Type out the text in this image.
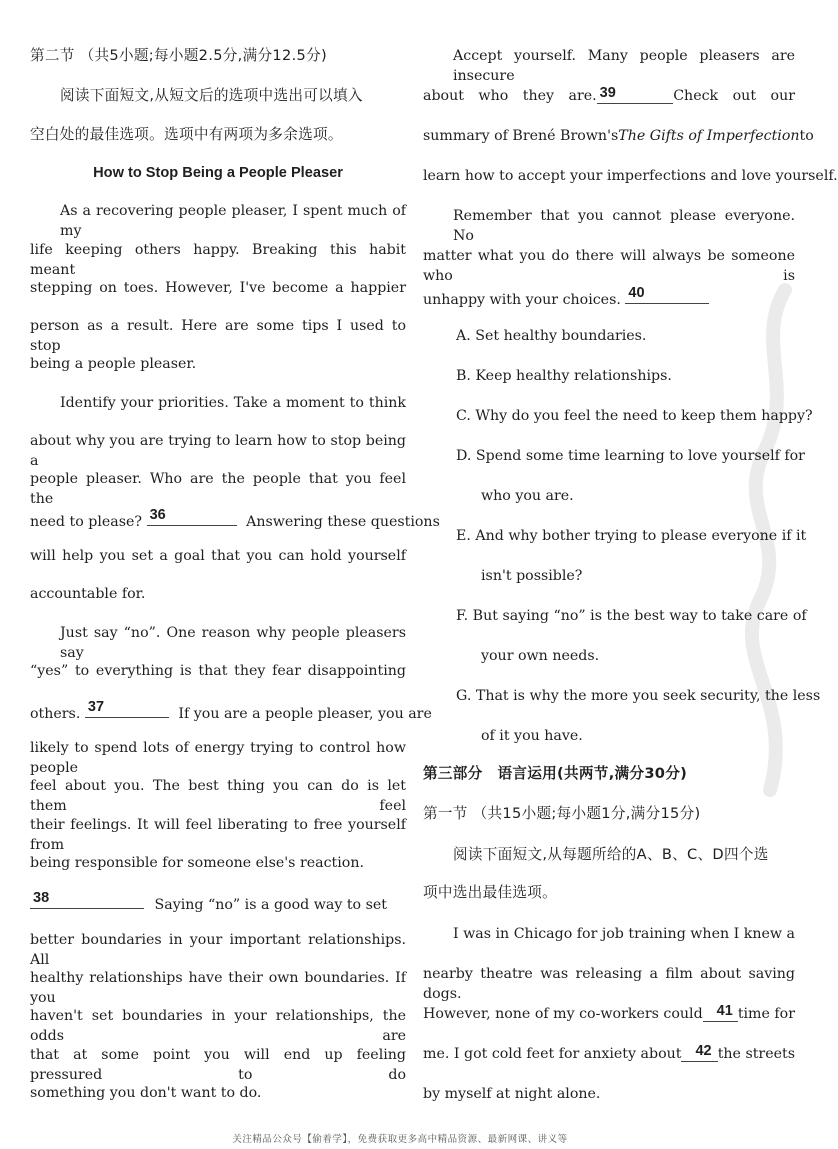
第二节 （共5小题;每小题2.5分,满分12.5分)
阅读下面短文,从短文后的选项中选出可以填入
空白处的最佳选项。选项中有两项为多余选项。
How to Stop Being a People Pleaser
As a recovering people pleaser, I spent much of my
life keeping others happy. Breaking this habit meant
stepping on toes. However, I've become a happier
person as a result. Here are some tips I used to stop
being a people pleaser.
Identify your priorities. Take a moment to think
about why you are trying to learn how to stop being a
people pleaser. Who are the people that you feel the
need to please? 36	Answering these questions
will help you set a goal that you can hold yourself
accountable for.
Just say “no”. One reason why people pleasers say
“yes” to everything is that they fear disappointing
others. 37	If you are a people pleaser, you are
likely to spend lots of energy trying to control how people
feel about you. The best thing you can do is let them feel
their feelings. It will feel liberating to free yourself from
being responsible for someone else's reaction.
38	Saying “no” is a good way to set
better boundaries in your important relationships. All
healthy relationships have their own boundaries. If you
haven't set boundaries in your relationships, the odds are
that at some point you will end up feeling pressured to do
something you don't want to do.
Accept yourself. Many people pleasers are insecure
about who they are. 39	Check out our
summary of Brené Brown's The Gifts of Imperfection to
learn how to accept your imperfections and love yourself.
Remember that you cannot please everyone. No
matter what you do there will always be someone who is
unhappy with your choices. 40
A. Set healthy boundaries.
B. Keep healthy relationships.
C. Why do you feel the need to keep them happy?
D. Spend some time learning to love yourself for
who you are.
E. And why bother trying to please everyone if it
isn't possible?
F. But saying “no” is the best way to take care of
your own needs.
G. That is why the more you seek security, the less
of it you have.
第三部分　语言运用(共两节,满分30分)
第一节 （共15小题;每小题1分,满分15分)
阅读下面短文,从每题所给的A、B、C、D四个选
项中选出最佳选项。
I was in Chicago for job training when I knew a
nearby theatre was releasing a film about saving dogs.
However, none of my co-workers could 41 time for
me. I got cold feet for anxiety about 42 the streets
by myself at night alone.
关注精品公众号【偷着学】，免费获取更多高中精品资源、最新网课、讲义等
